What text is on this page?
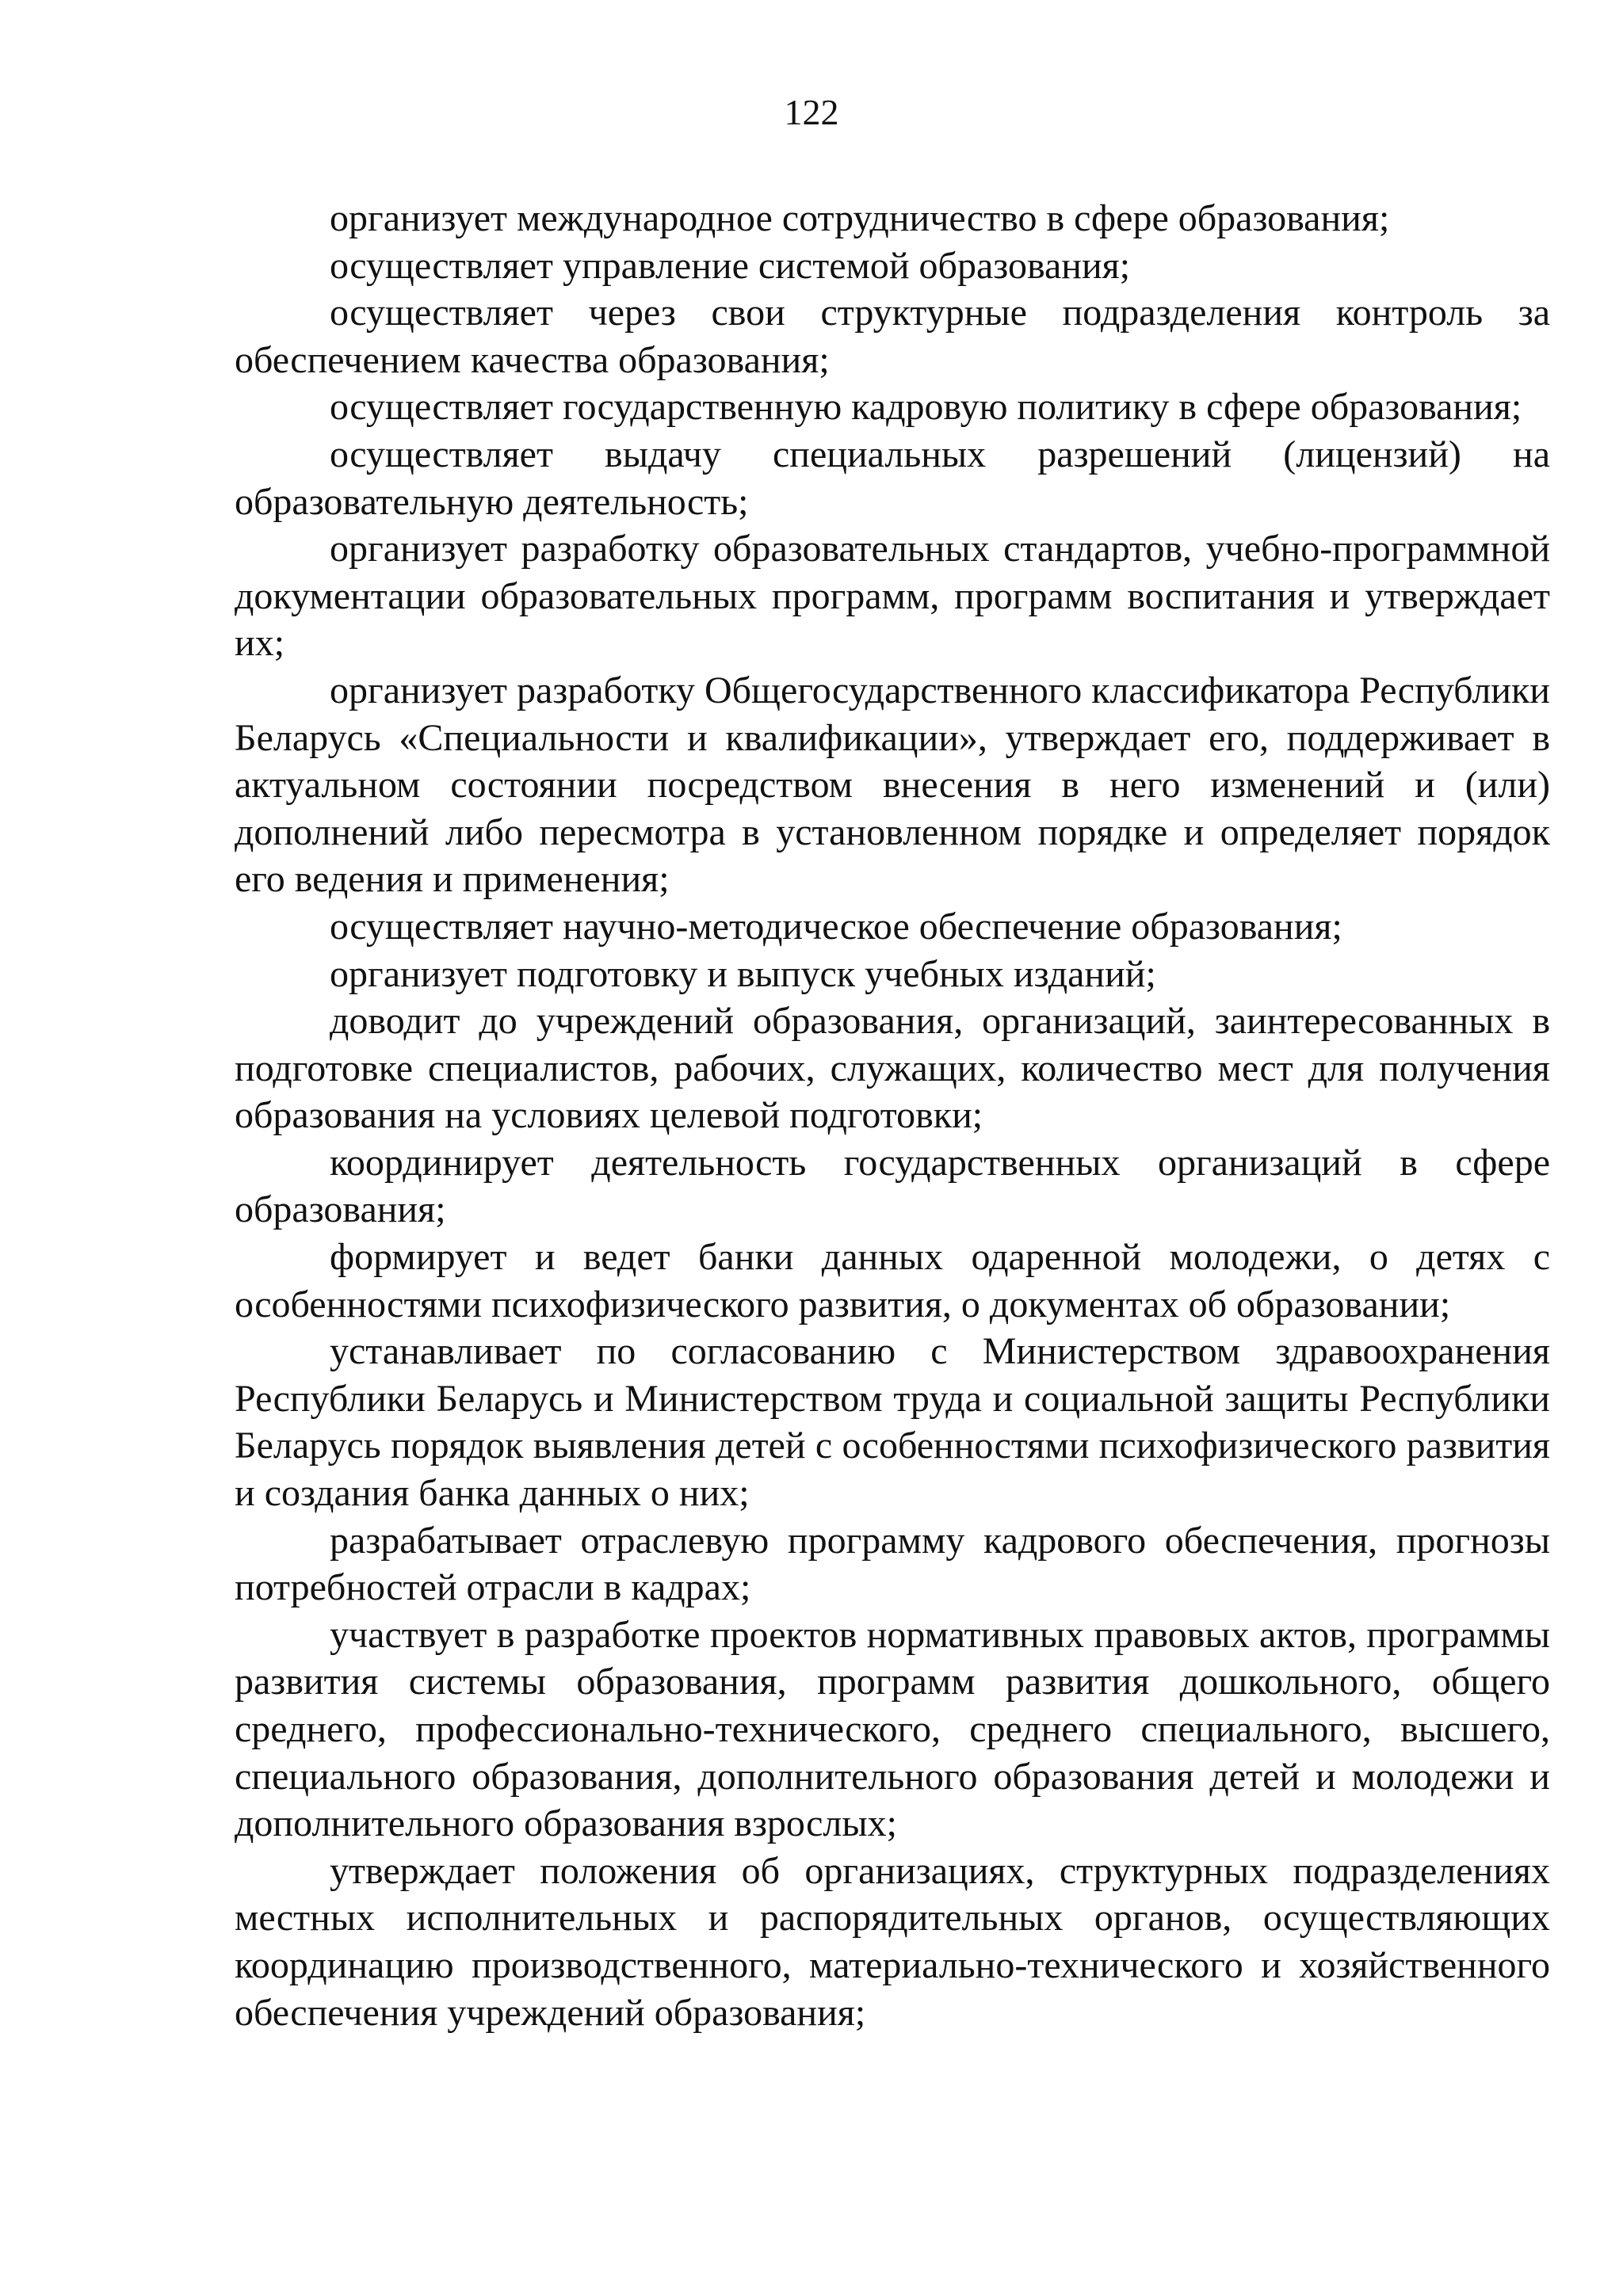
122

организует международное сотрудничество в сфере образования;

осуществляет управление системой образования;

осуществляет через свои структурные подразделения контроль за обеспечением качества образования;

осуществляет государственную кадровую политику в сфере образования;

осуществляет выдачу специальных разрешений (лицензий) на образовательную деятельность;

организует разработку образовательных стандартов, учебно-программной документации образовательных программ, программ воспитания и утверждает их;

организует разработку Общегосударственного классификатора Республики Беларусь «Специальности и квалификации», утверждает его, поддерживает в актуальном состоянии посредством внесения в него изменений и (или) дополнений либо пересмотра в установленном порядке и определяет порядок его ведения и применения;

осуществляет научно-методическое обеспечение образования;

организует подготовку и выпуск учебных изданий;

доводит до учреждений образования, организаций, заинтересованных в подготовке специалистов, рабочих, служащих, количество мест для получения образования на условиях целевой подготовки;

координирует деятельность государственных организаций в сфере образования;

формирует и ведет банки данных одаренной молодежи, о детях с особенностями психофизического развития, о документах об образовании;

устанавливает по согласованию с Министерством здравоохранения Республики Беларусь и Министерством труда и социальной защиты Республики Беларусь порядок выявления детей с особенностями психофизического развития и создания банка данных о них;

разрабатывает отраслевую программу кадрового обеспечения, прогнозы потребностей отрасли в кадрах;

участвует в разработке проектов нормативных правовых актов, программы развития системы образования, программ развития дошкольного, общего среднего, профессионально-технического, среднего специального, высшего, специального образования, дополнительного образования детей и молодежи и дополнительного образования взрослых;

утверждает положения об организациях, структурных подразделениях местных исполнительных и распорядительных органов, осуществляющих координацию производственного, материально-технического и хозяйственного обеспечения учреждений образования;
